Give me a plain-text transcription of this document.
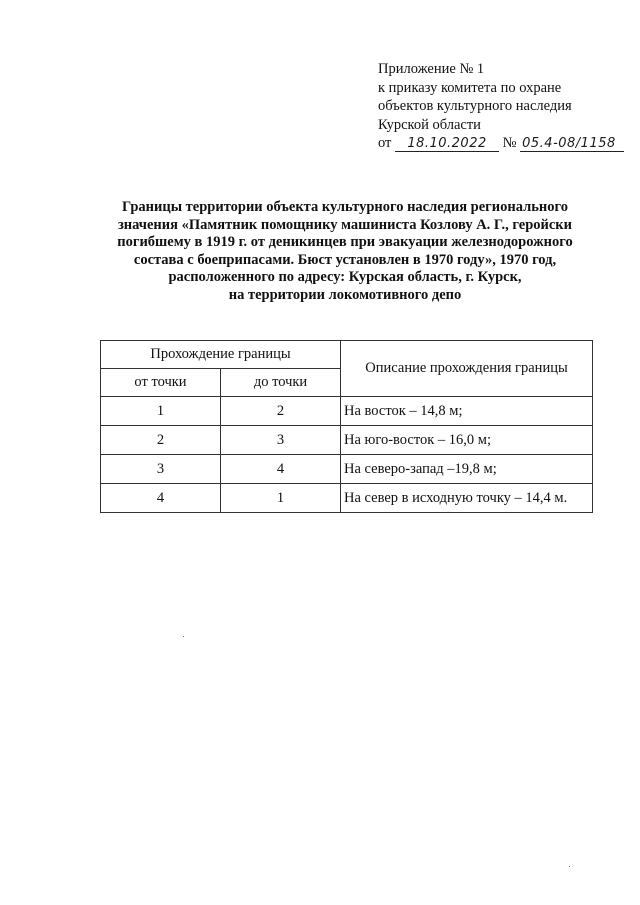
Приложение № 1
к приказу комитета по охране
объектов культурного наследия
Курской области
от 18.10.2022 № 05.4-08/1158
Границы территории объекта культурного наследия регионального
значения «Памятник помощнику машиниста Козлову А. Г., геройски
погибшему в 1919 г. от деникинцев при эвакуации железнодорожного
состава с боеприпасами. Бюст установлен в 1970 году», 1970 год,
расположенного по адресу: Курская область, г. Курск,
на территории локомотивного депо
Прохождение границы		Описание прохождения границы
от точки	до точки	
1	2	На восток – 14,8 м;
2	3	На юго-восток – 16,0 м;
3	4	На северо-запад –19,8 м;
4	1	На север в исходную точку – 14,4 м.
